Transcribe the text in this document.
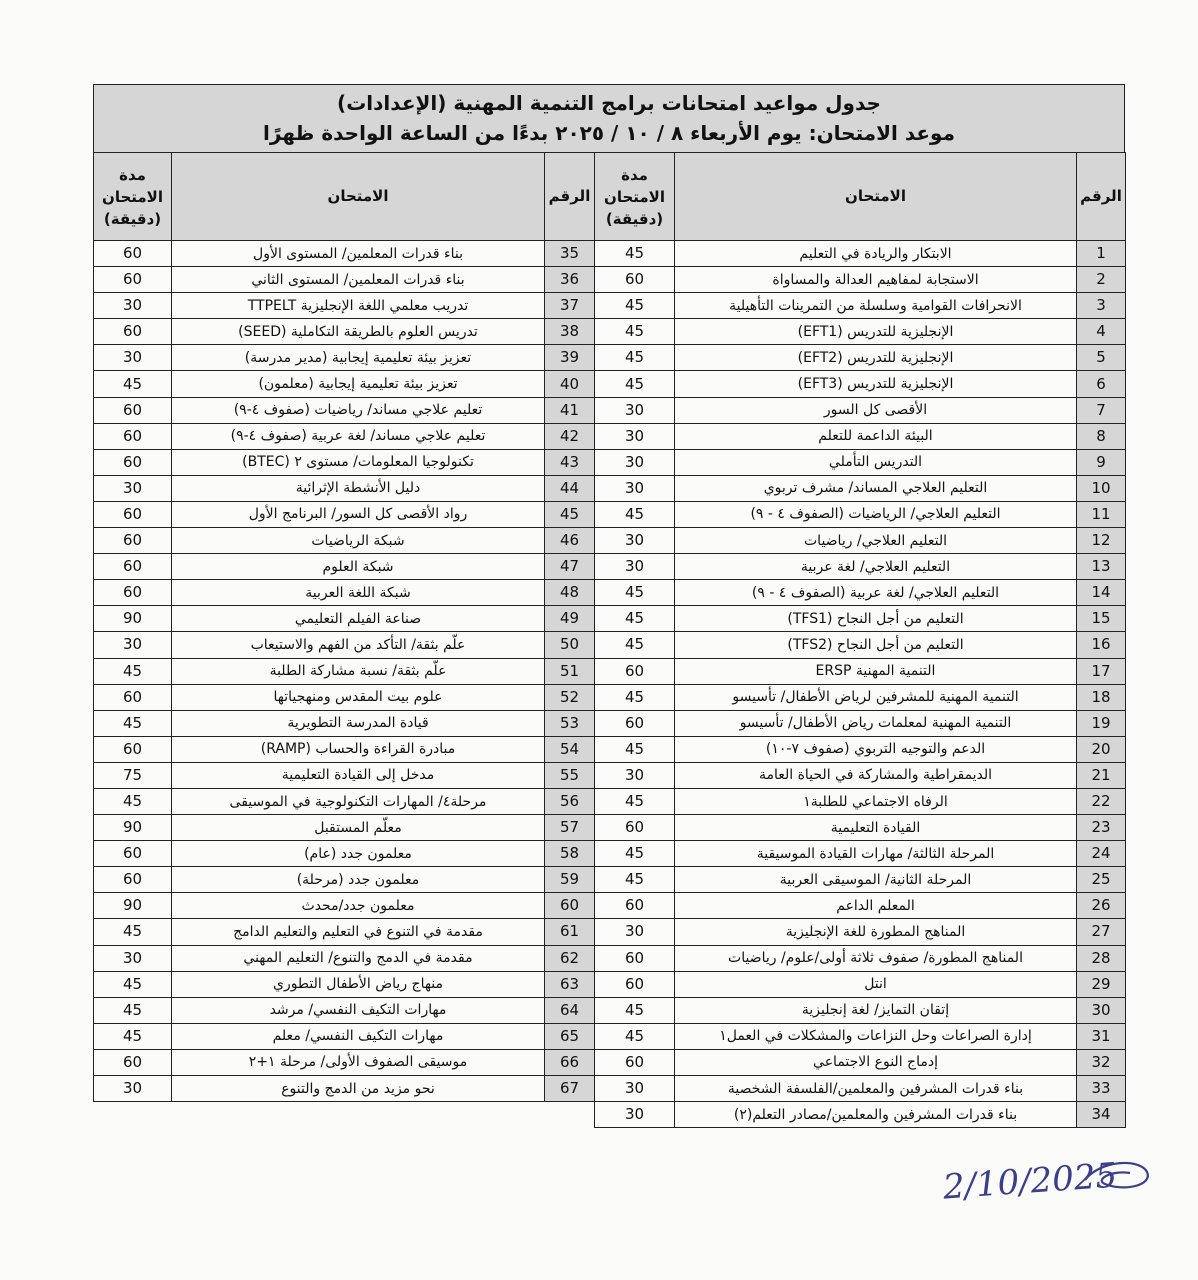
جدول مواعيد امتحانات برامج التنمية المهنية (الإعدادات)
موعد الامتحان: يوم الأربعاء ٨ / ١٠ / ٢٠٢٥ بدءًا من الساعة الواحدة ظهرًا
الرقم	الامتحان	مدة
الامتحان
(دقيقة)

1	الابتكار والريادة في التعليم	45
2	الاستجابة لمفاهيم العدالة والمساواة	60
3	الانحرافات القوامية وسلسلة من التمرينات التأهيلية	45
4	الإنجليزية للتدريس (EFT1)	45
5	الإنجليزية للتدريس (EFT2)	45
6	الإنجليزية للتدريس (EFT3)	45
7	الأقصى كل السور	30
8	البيئة الداعمة للتعلم	30
9	التدريس التأملي	30
10	التعليم العلاجي المساند/ مشرف تربوي	30
11	التعليم العلاجي/ الرياضيات (الصفوف ٤ - ٩)	45
12	التعليم العلاجي/ رياضيات	30
13	التعليم العلاجي/ لغة عربية	30
14	التعليم العلاجي/ لغة عربية (الصفوف ٤ - ٩)	45
15	التعليم من أجل النجاح (TFS1)	45
16	التعليم من أجل النجاح (TFS2)	45
17	التنمية المهنية ERSP	60
18	التنمية المهنية للمشرفين لرياض الأطفال/ تأسيسو	45
19	التنمية المهنية لمعلمات رياض الأطفال/ تأسيسو	60
20	الدعم والتوجيه التربوي (صفوف ٧-١٠)	45
21	الديمقراطية والمشاركة في الحياة العامة	30
22	الرفاه الاجتماعي للطلبة١	45
23	القيادة التعليمية	60
24	المرحلة الثالثة/ مهارات القيادة الموسيقية	45
25	المرحلة الثانية/ الموسيقى العربية	45
26	المعلم الداعم	60
27	المناهج المطورة للغة الإنجليزية	30
28	المناهج المطورة/ صفوف ثلاثة أولى/علوم/ رياضيات	60
29	انتل	60
30	إتقان التمايز/ لغة إنجليزية	45
31	إدارة الصراعات وحل النزاعات والمشكلات في العمل١	45
32	إدماج النوع الاجتماعي	60
33	بناء قدرات المشرفين والمعلمين/الفلسفة الشخصية	30
34	بناء قدرات المشرفين والمعلمين/مصادر التعلم(٢)	30
الرقم	الامتحان	مدة
الامتحان
(دقيقة)

35	بناء قدرات المعلمين/ المستوى الأول	60
36	بناء قدرات المعلمين/ المستوى الثاني	60
37	تدريب معلمي اللغة الإنجليزية TTPELT	30
38	تدريس العلوم بالطريقة التكاملية (SEED)	60
39	تعزيز بيئة تعليمية إيجابية (مدير مدرسة)	30
40	تعزيز بيئة تعليمية إيجابية (معلمون)	45
41	تعليم علاجي مساند/ رياضيات (صفوف ٤-٩)	60
42	تعليم علاجي مساند/ لغة عربية (صفوف ٤-٩)	60
43	تكنولوجيا المعلومات/ مستوى ٢ (BTEC)	60
44	دليل الأنشطة الإثرائية	30
45	رواد الأقصى كل السور/ البرنامج الأول	60
46	شبكة الرياضيات	60
47	شبكة العلوم	60
48	شبكة اللغة العربية	60
49	صناعة الفيلم التعليمي	90
50	علّم بثقة/ التأكد من الفهم والاستيعاب	30
51	علّم بثقة/ نسبة مشاركة الطلبة	45
52	علوم بيت المقدس ومنهجياتها	60
53	قيادة المدرسة التطويرية	45
54	مبادرة القراءة والحساب (RAMP)	60
55	مدخل إلى القيادة التعليمية	75
56	مرحلة٤/ المهارات التكنولوجية في الموسيقى	45
57	معلّم المستقبل	90
58	معلمون جدد (عام)	60
59	معلمون جدد (مرحلة)	60
60	معلمون جدد/محدث	90
61	مقدمة في التنوع في التعليم والتعليم الدامج	45
62	مقدمة في الدمج والتنوع/ التعليم المهني	30
63	منهاج رياض الأطفال التطوري	45
64	مهارات التكيف النفسي/ مرشد	45
65	مهارات التكيف النفسي/ معلم	45
66	موسيقى الصفوف الأولى/ مرحلة ١+٢	60
67	نحو مزيد من الدمج والتنوع	30
2/10/2025
